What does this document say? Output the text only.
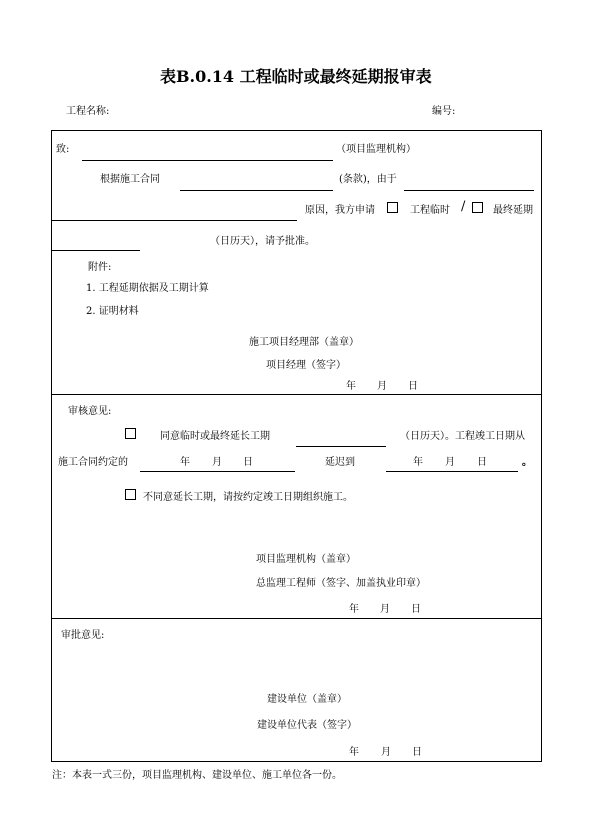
表B.0.14 工程临时或最终延期报审表
工程名称:	编号:
致:	（项目监理机构）
根据施工合同	(条款)，由于
原因，我方申请	工程临时 /	最终延期
（日历天），请予批准。
附件:
1. 工程延期依据及工期计算
2. 证明材料
施工项目经理部（盖章）
项目经理（签字）
年 月 日
审核意见:
同意临时或最终延长工期	（日历天）。工程竣工日期从
施工合同约定的	年 月 日	延迟到	年 月 日	。
不同意延长工期，请按约定竣工日期组织施工。
项目监理机构（盖章）
总监理工程师（签字、加盖执业印章）
年 月 日
审批意见:
建设单位（盖章）
建设单位代表（签字）
年 月 日
注：本表一式三份，项目监理机构、建设单位、施工单位各一份。
